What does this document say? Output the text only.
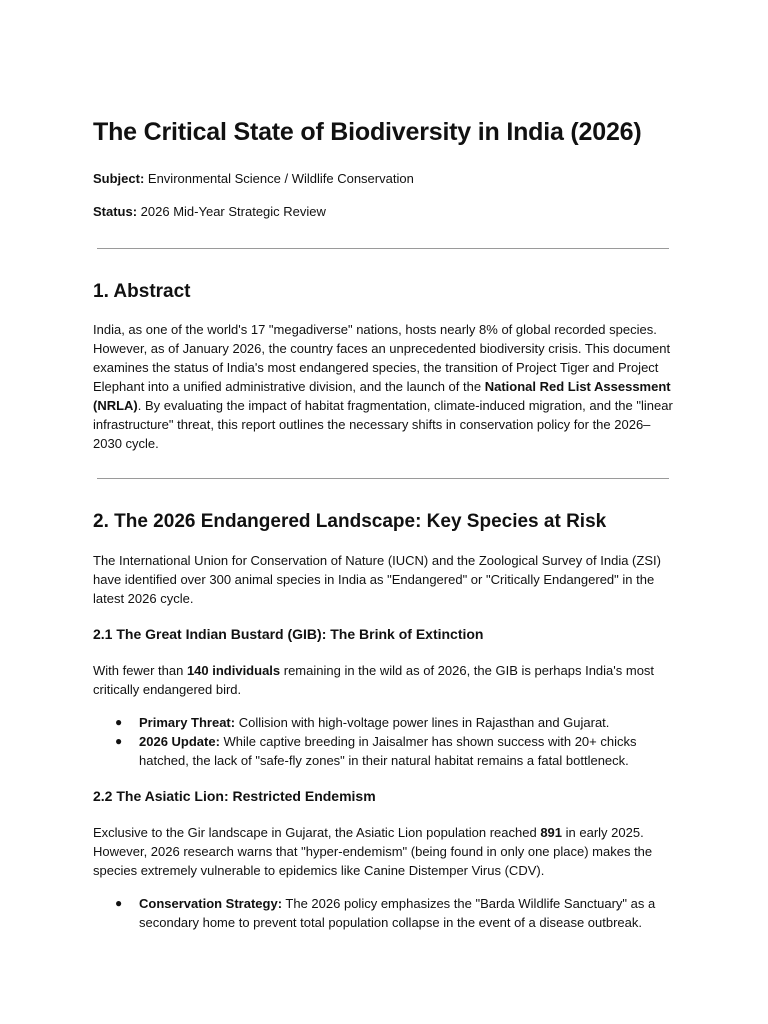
The Critical State of Biodiversity in India (2026)

Subject: Environmental Science / Wildlife Conservation

Status: 2026 Mid-Year Strategic Review

1. Abstract

India, as one of the world's 17 "megadiverse" nations, hosts nearly 8% of global recorded species. However, as of January 2026, the country faces an unprecedented biodiversity crisis. This document examines the status of India's most endangered species, the transition of Project Tiger and Project Elephant into a unified administrative division, and the launch of the National Red List Assessment (NRLA). By evaluating the impact of habitat fragmentation, climate-induced migration, and the "linear infrastructure" threat, this report outlines the necessary shifts in conservation policy for the 2026–2030 cycle.

2. The 2026 Endangered Landscape: Key Species at Risk

The International Union for Conservation of Nature (IUCN) and the Zoological Survey of India (ZSI) have identified over 300 animal species in India as "Endangered" or "Critically Endangered" in the latest 2026 cycle.

2.1 The Great Indian Bustard (GIB): The Brink of Extinction

With fewer than 140 individuals remaining in the wild as of 2026, the GIB is perhaps India's most critically endangered bird.

● Primary Threat: Collision with high-voltage power lines in Rajasthan and Gujarat.
● 2026 Update: While captive breeding in Jaisalmer has shown success with 20+ chicks hatched, the lack of "safe-fly zones" in their natural habitat remains a fatal bottleneck.
2.2 The Asiatic Lion: Restricted Endemism

Exclusive to the Gir landscape in Gujarat, the Asiatic Lion population reached 891 in early 2025. However, 2026 research warns that "hyper-endemism" (being found in only one place) makes the species extremely vulnerable to epidemics like Canine Distemper Virus (CDV).

● Conservation Strategy: The 2026 policy emphasizes the "Barda Wildlife Sanctuary" as a secondary home to prevent total population collapse in the event of a disease outbreak.
